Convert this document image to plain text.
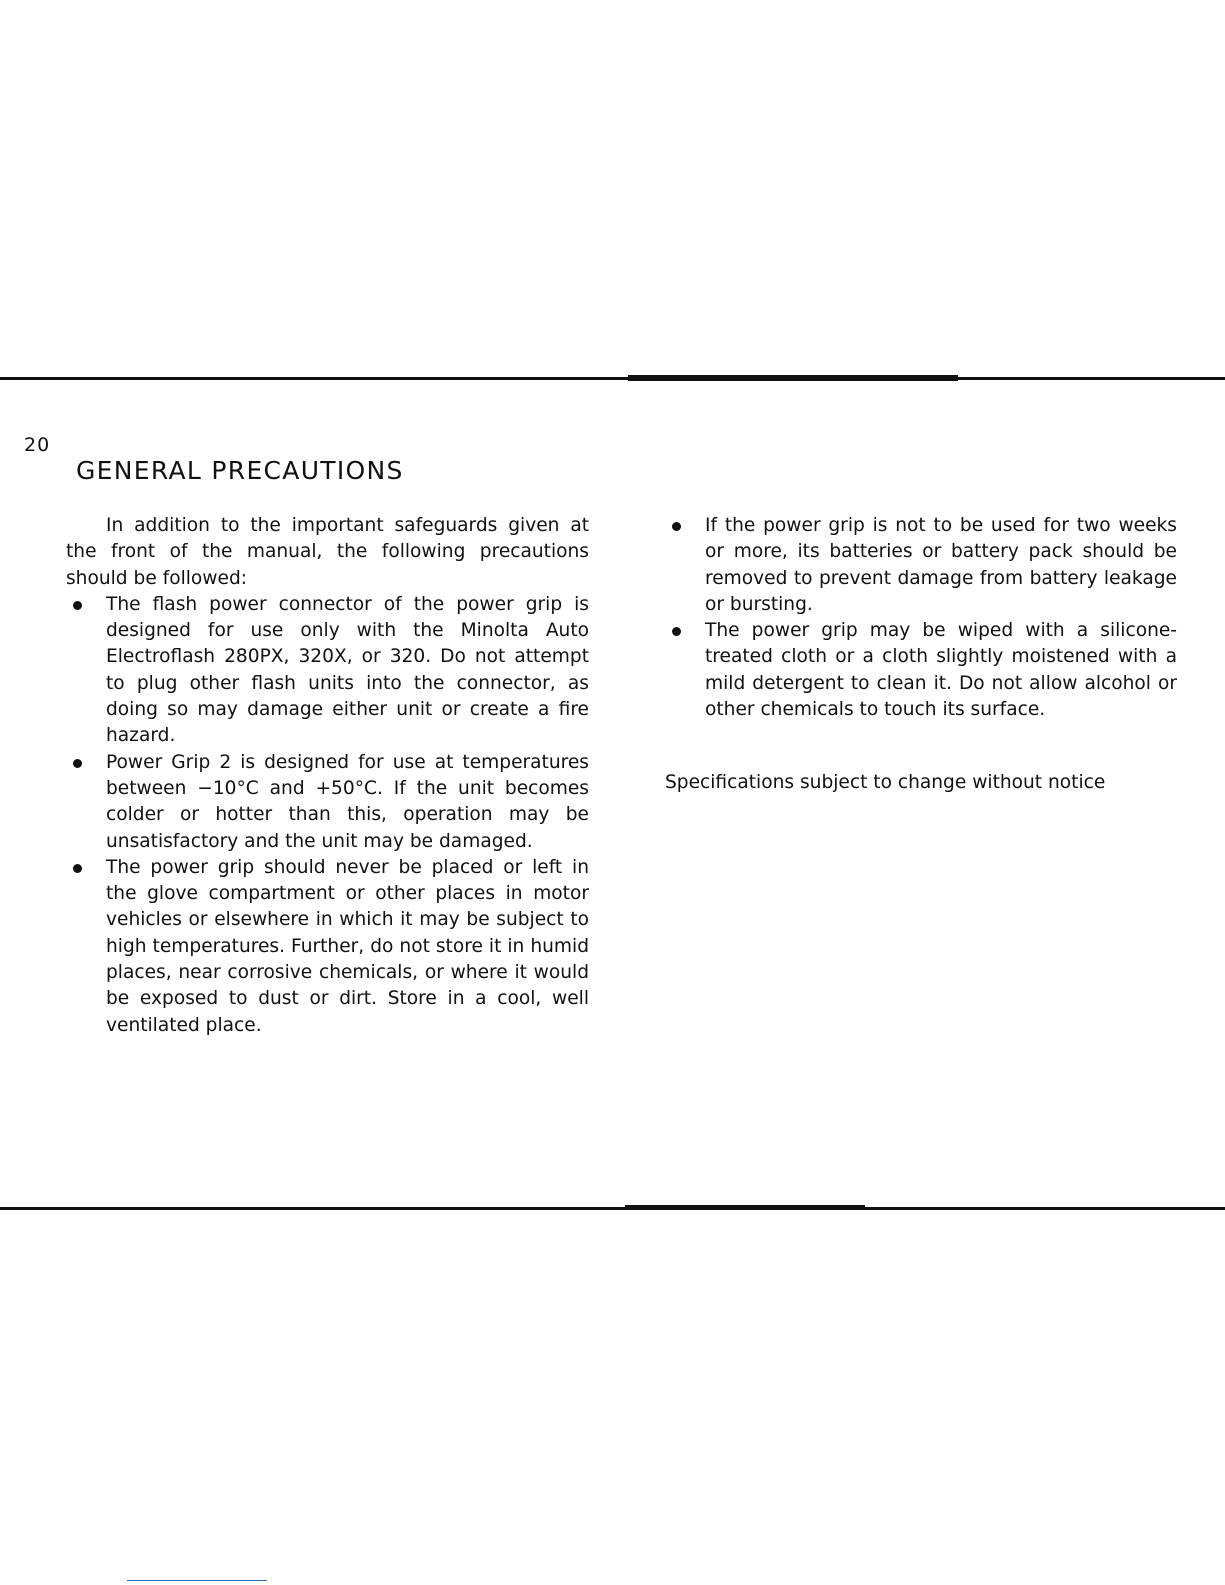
20
GENERAL PRECAUTIONS

In addition to the important safeguards given at the front of the manual, the following precautions should be followed:

The flash power connector of the power grip is designed for use only with the Minolta Auto Electroflash 280PX, 320X, or 320. Do not attempt to plug other flash units into the connector, as doing so may damage either unit or create a fire hazard.
Power Grip 2 is designed for use at temperatures between −10°C and +50°C. If the unit becomes colder or hotter than this, operation may be unsatisfactory and the unit may be damaged.
The power grip should never be placed or left in the glove compartment or other places in motor vehicles or elsewhere in which it may be subject to high temperatures. Further, do not store it in humid places, near corrosive chemicals, or where it would be exposed to dust or dirt. Store in a cool, well ventilated place.
If the power grip is not to be used for two weeks or more, its batteries or battery pack should be removed to prevent damage from battery leakage or bursting.
The power grip may be wiped with a silicone-treated cloth or a cloth slightly moistened with a mild detergent to clean it. Do not allow alcohol or other chemicals to touch its surface.

Specifications subject to change without notice
